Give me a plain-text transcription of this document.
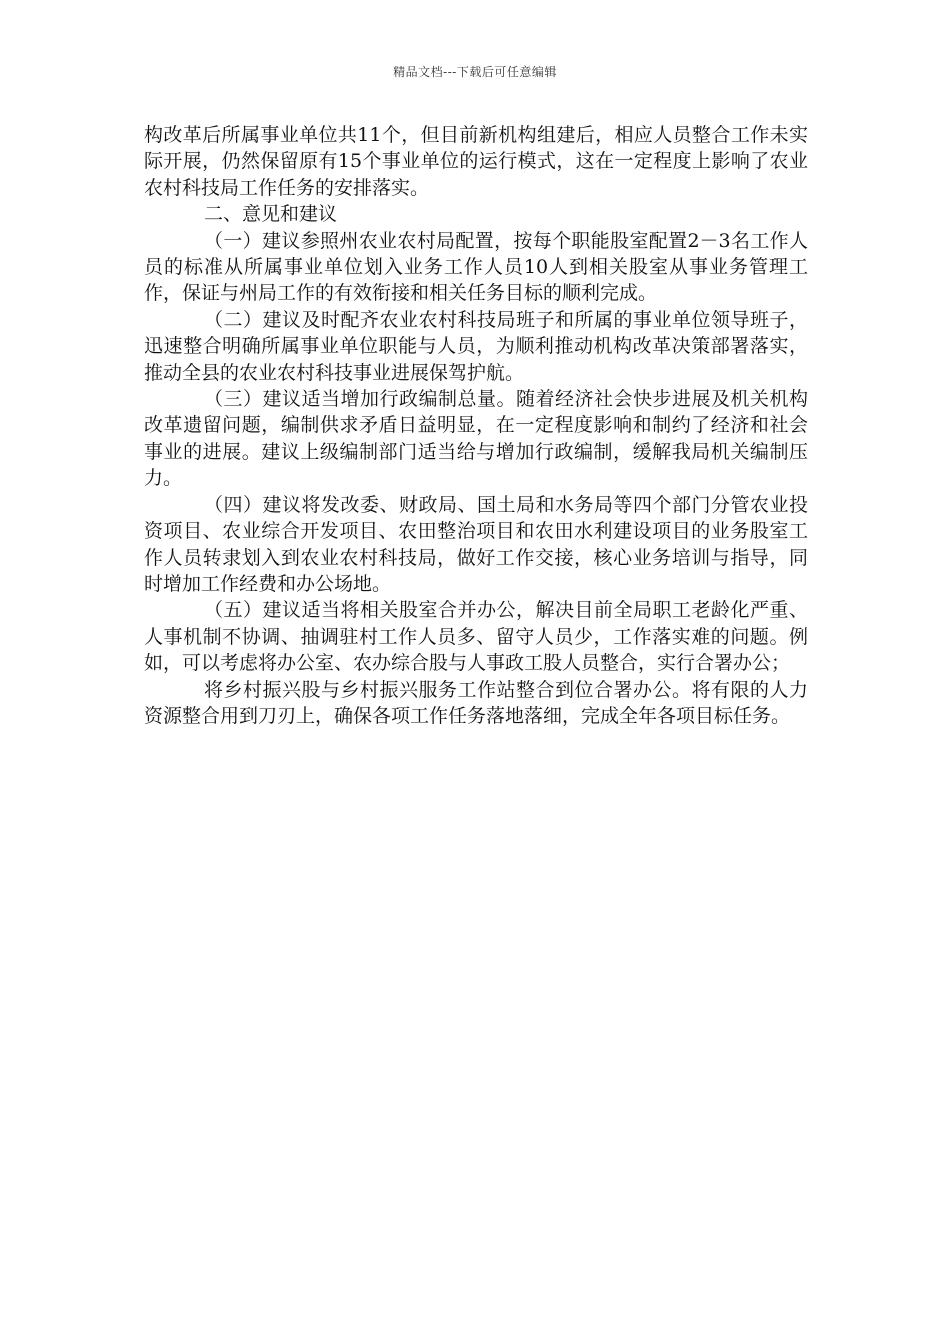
精品文档---下载后可任意编辑

构改革后所属事业单位共11个，但目前新机构组建后，相应人员整合工作未实际开展，仍然保留原有15个事业单位的运行模式，这在一定程度上影响了农业农村科技局工作任务的安排落实。

二、意见和建议

（一）建议参照州农业农村局配置，按每个职能股室配置2－3名工作人员的标准从所属事业单位划入业务工作人员10人到相关股室从事业务管理工作，保证与州局工作的有效衔接和相关任务目标的顺利完成。

（二）建议及时配齐农业农村科技局班子和所属的事业单位领导班子，迅速整合明确所属事业单位职能与人员，为顺利推动机构改革决策部署落实，推动全县的农业农村科技事业进展保驾护航。

（三）建议适当增加行政编制总量。随着经济社会快步进展及机关机构改革遗留问题，编制供求矛盾日益明显，在一定程度影响和制约了经济和社会事业的进展。建议上级编制部门适当给与增加行政编制，缓解我局机关编制压力。

（四）建议将发改委、财政局、国土局和水务局等四个部门分管农业投资项目、农业综合开发项目、农田整治项目和农田水利建设项目的业务股室工作人员转隶划入到农业农村科技局，做好工作交接，核心业务培训与指导，同时增加工作经费和办公场地。

（五）建议适当将相关股室合并办公，解决目前全局职工老龄化严重、人事机制不协调、抽调驻村工作人员多、留守人员少，工作落实难的问题。例如，可以考虑将办公室、农办综合股与人事政工股人员整合，实行合署办公；

将乡村振兴股与乡村振兴服务工作站整合到位合署办公。将有限的人力资源整合用到刀刃上，确保各项工作任务落地落细，完成全年各项目标任务。
